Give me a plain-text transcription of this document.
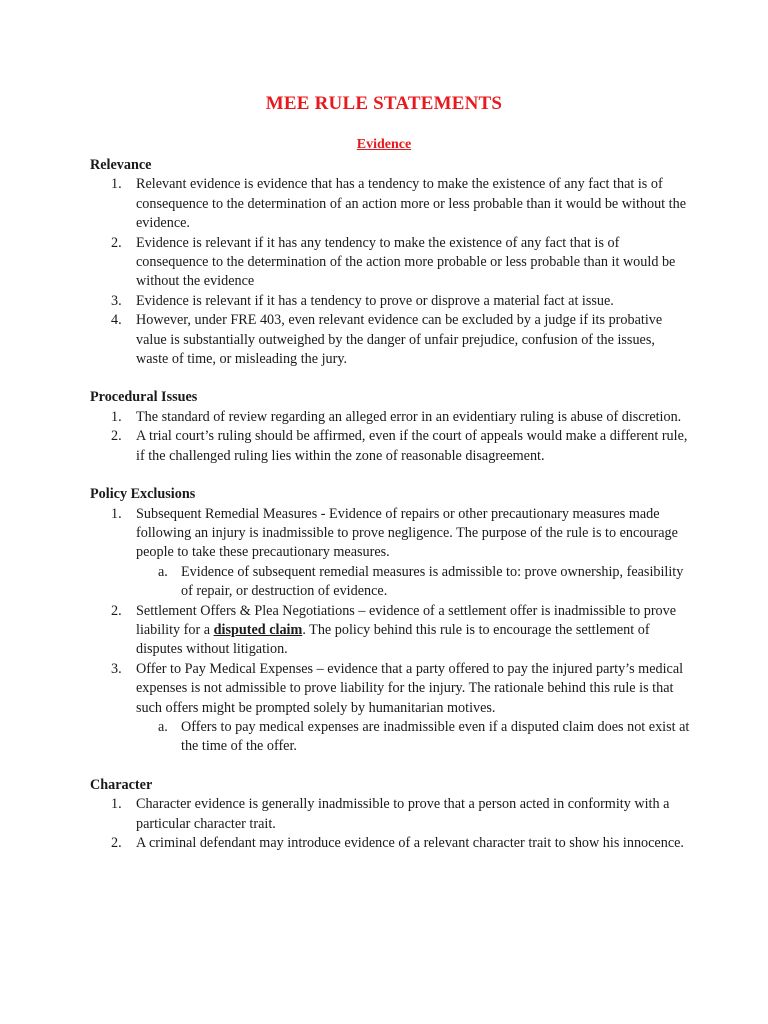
MEE RULE STATEMENTS
Evidence

Relevance

1. Relevant evidence is evidence that has a tendency to make the existence of any fact that is of consequence to the determination of an action more or less probable than it would be without the evidence.
2. Evidence is relevant if it has any tendency to make the existence of any fact that is of consequence to the determination of the action more probable or less probable than it would be without the evidence
3. Evidence is relevant if it has a tendency to prove or disprove a material fact at issue.
4. However, under FRE 403, even relevant evidence can be excluded by a judge if its probative value is substantially outweighed by the danger of unfair prejudice, confusion of the issues, waste of time, or misleading the jury.

Procedural Issues

1. The standard of review regarding an alleged error in an evidentiary ruling is abuse of discretion.
2. A trial court’s ruling should be affirmed, even if the court of appeals would make a different rule, if the challenged ruling lies within the zone of reasonable disagreement.

Policy Exclusions

1. Subsequent Remedial Measures - Evidence of repairs or other precautionary measures made following an injury is inadmissible to prove negligence. The purpose of the rule is to encourage people to take these precautionary measures.
a. Evidence of subsequent remedial measures is admissible to: prove ownership, feasibility of repair, or destruction of evidence.
2. Settlement Offers & Plea Negotiations – evidence of a settlement offer is inadmissible to prove liability for a disputed claim. The policy behind this rule is to encourage the settlement of disputes without litigation.
3. Offer to Pay Medical Expenses – evidence that a party offered to pay the injured party’s medical expenses is not admissible to prove liability for the injury. The rationale behind this rule is that such offers might be prompted solely by humanitarian motives.
a. Offers to pay medical expenses are inadmissible even if a disputed claim does not exist at the time of the offer.

Character

1. Character evidence is generally inadmissible to prove that a person acted in conformity with a particular character trait.
2. A criminal defendant may introduce evidence of a relevant character trait to show his innocence.
